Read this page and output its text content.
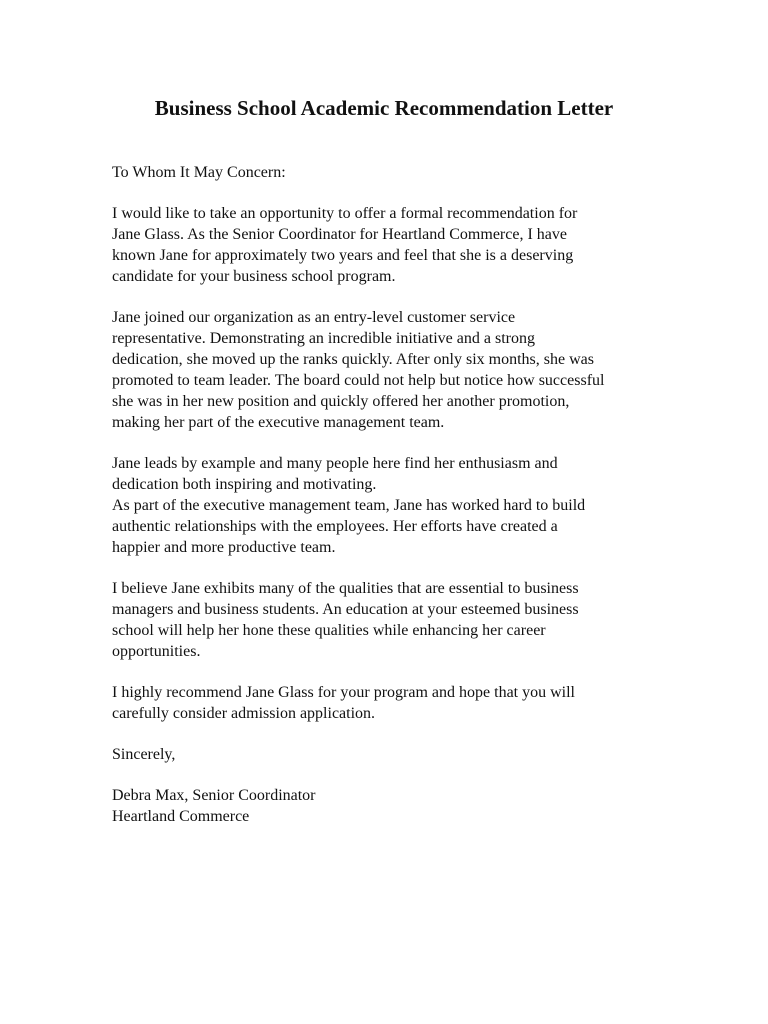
Business School Academic Recommendation Letter
To Whom It May Concern:
I would like to take an opportunity to offer a formal recommendation for
Jane Glass. As the Senior Coordinator for Heartland Commerce, I have
known Jane for approximately two years and feel that she is a deserving
candidate for your business school program.
Jane joined our organization as an entry-level customer service
representative. Demonstrating an incredible initiative and a strong
dedication, she moved up the ranks quickly. After only six months, she was
promoted to team leader. The board could not help but notice how successful
she was in her new position and quickly offered her another promotion,
making her part of the executive management team.
Jane leads by example and many people here find her enthusiasm and
dedication both inspiring and motivating.
As part of the executive management team, Jane has worked hard to build
authentic relationships with the employees. Her efforts have created a
happier and more productive team.
I believe Jane exhibits many of the qualities that are essential to business
managers and business students. An education at your esteemed business
school will help her hone these qualities while enhancing her career
opportunities.
I highly recommend Jane Glass for your program and hope that you will
carefully consider admission application.
Sincerely,
Debra Max, Senior Coordinator
Heartland Commerce
